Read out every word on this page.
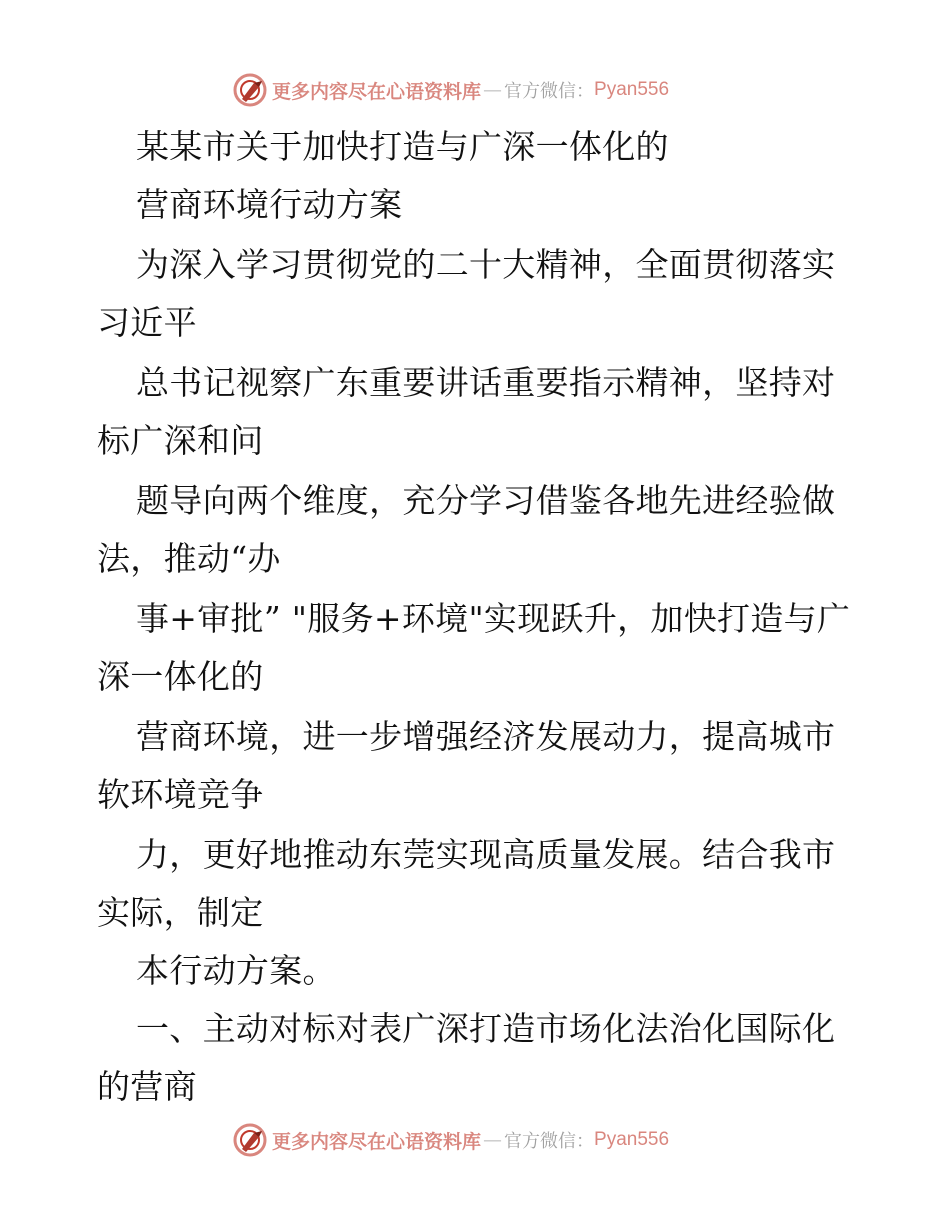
更多内容尽在心语资料库 — 官方微信： Pyan556
某某市关于加快打造与广深一体化的
营商环境行动方案
为深入学习贯彻党的二十大精神，全面贯彻落实
习近平
总书记视察广东重要讲话重要指示精神，坚持对
标广深和问
题导向两个维度，充分学习借鉴各地先进经验做
法，推动“办
事+审批” "服务+环境"实现跃升，加快打造与广
深一体化的
营商环境，进一步增强经济发展动力，提高城市
软环境竞争
力，更好地推动东莞实现高质量发展。结合我市
实际，制定
本行动方案。
一、主动对标对表广深打造市场化法治化国际化
的营商
更多内容尽在心语资料库 — 官方微信： Pyan556
